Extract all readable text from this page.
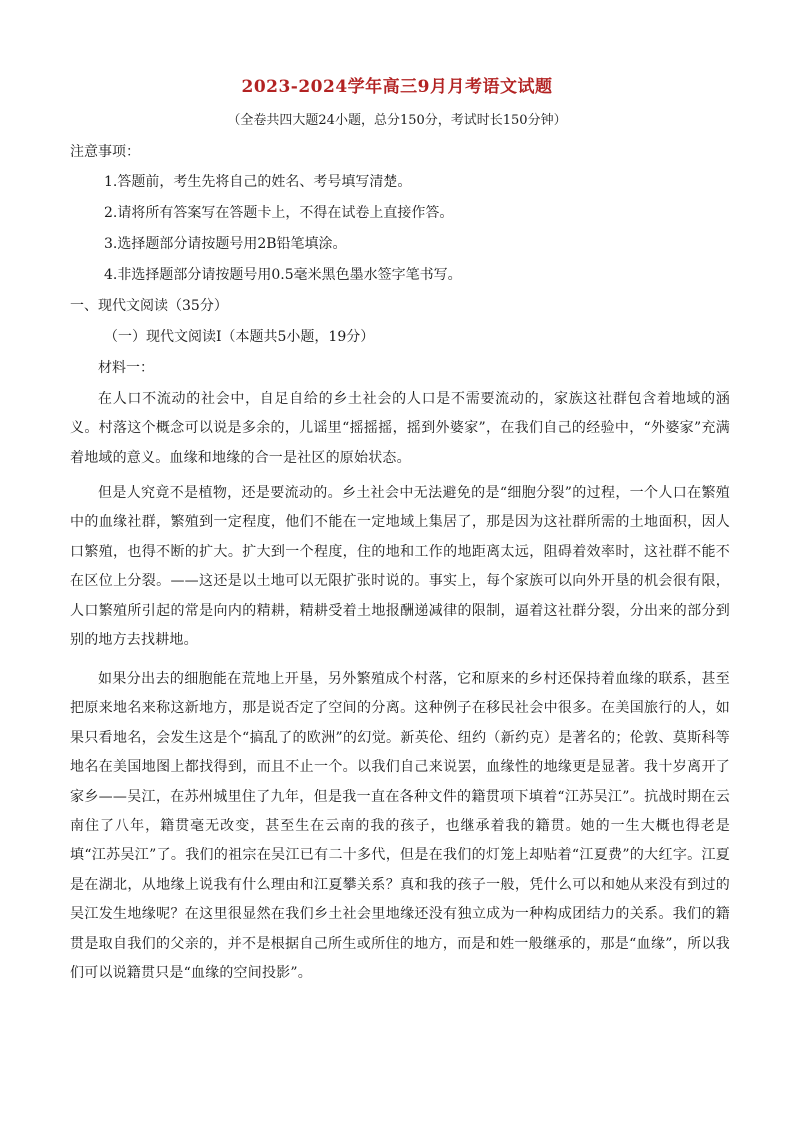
2023-2024学年高三9月月考语文试题
（全卷共四大题24小题，总分150分，考试时长150分钟）
注意事项：
1.答题前，考生先将自己的姓名、考号填写清楚。
2.请将所有答案写在答题卡上，不得在试卷上直接作答。
3.选择题部分请按题号用2B铅笔填涂。
4.非选择题部分请按题号用0.5毫米黑色墨水签字笔书写。
一、现代文阅读（35分）
（一）现代文阅读Ⅰ（本题共5小题，19分）
材料一：
在人口不流动的社会中，自足自给的乡土社会的人口是不需要流动的，家族这社群包含着地域的涵义。村落这个概念可以说是多余的，儿谣里“摇摇摇，摇到外婆家”，在我们自己的经验中，“外婆家”充满着地域的意义。血缘和地缘的合一是社区的原始状态。
但是人究竟不是植物，还是要流动的。乡土社会中无法避免的是“细胞分裂”的过程，一个人口在繁殖中的血缘社群，繁殖到一定程度，他们不能在一定地域上集居了，那是因为这社群所需的土地面积，因人口繁殖，也得不断的扩大。扩大到一个程度，住的地和工作的地距离太远，阻碍着效率时，这社群不能不在区位上分裂。——这还是以土地可以无限扩张时说的。事实上，每个家族可以向外开垦的机会很有限，人口繁殖所引起的常是向内的精耕，精耕受着土地报酬递减律的限制，逼着这社群分裂，分出来的部分到别的地方去找耕地。
如果分出去的细胞能在荒地上开垦，另外繁殖成个村落，它和原来的乡村还保持着血缘的联系，甚至把原来地名来称这新地方，那是说否定了空间的分离。这种例子在移民社会中很多。在美国旅行的人，如果只看地名，会发生这是个“搞乱了的欧洲”的幻觉。新英伦、纽约（新约克）是著名的；伦敦、莫斯科等地名在美国地图上都找得到，而且不止一个。以我们自己来说罢，血缘性的地缘更是显著。我十岁离开了家乡——吴江，在苏州城里住了九年，但是我一直在各种文件的籍贯项下填着“江苏吴江”。抗战时期在云南住了八年，籍贯毫无改变，甚至生在云南的我的孩子，也继承着我的籍贯。她的一生大概也得老是填“江苏吴江”了。我们的祖宗在吴江已有二十多代，但是在我们的灯笼上却贴着“江夏费”的大红字。江夏是在湖北，从地缘上说我有什么理由和江夏攀关系？真和我的孩子一般，凭什么可以和她从来没有到过的吴江发生地缘呢？在这里很显然在我们乡土社会里地缘还没有独立成为一种构成团结力的关系。我们的籍贯是取自我们的父亲的，并不是根据自己所生或所住的地方，而是和姓一般继承的，那是“血缘”，所以我们可以说籍贯只是“血缘的空间投影”。
